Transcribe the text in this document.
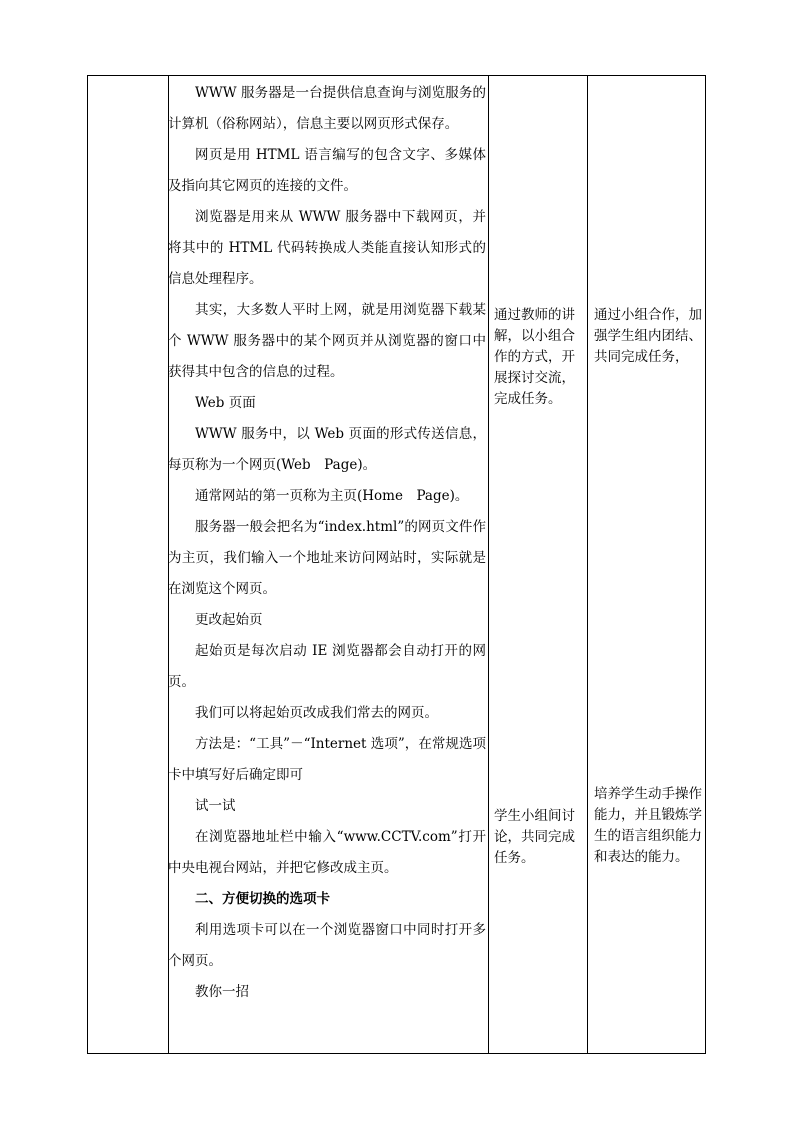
WWW 服务器是一台提供信息查询与浏览服务的计算机（俗称网站），信息主要以网页形式保存。

网页是用 HTML 语言编写的包含文字、多媒体及指向其它网页的连接的文件。

浏览器是用来从 WWW 服务器中下载网页，并将其中的 HTML 代码转换成人类能直接认知形式的信息处理程序。

其实，大多数人平时上网，就是用浏览器下载某个 WWW 服务器中的某个网页并从浏览器的窗口中获得其中包含的信息的过程。

Web 页面

WWW 服务中，以 Web 页面的形式传送信息，每页称为一个网页(Web　Page)。

通常网站的第一页称为主页(Home　Page)。

服务器一般会把名为“index.html”的网页文件作为主页，我们输入一个地址来访问网站时，实际就是在浏览这个网页。

更改起始页

起始页是每次启动 IE 浏览器都会自动打开的网页。

我们可以将起始页改成我们常去的网页。

方法是：“工具”－“Internet 选项”，在常规选项卡中填写好后确定即可

试一试

在浏览器地址栏中输入“www.CCTV.com”打开中央电视台网站，并把它修改成主页。

二、方便切换的选项卡

利用选项卡可以在一个浏览器窗口中同时打开多个网页。

教你一招

通过教师的讲解，以小组合作的方式，开展探讨交流，完成任务。
通过小组合作，加强学生组内团结、共同完成任务，
学生小组间讨论，共同完成任务。
培养学生动手操作能力，并且锻炼学生的语言组织能力和表达的能力。
